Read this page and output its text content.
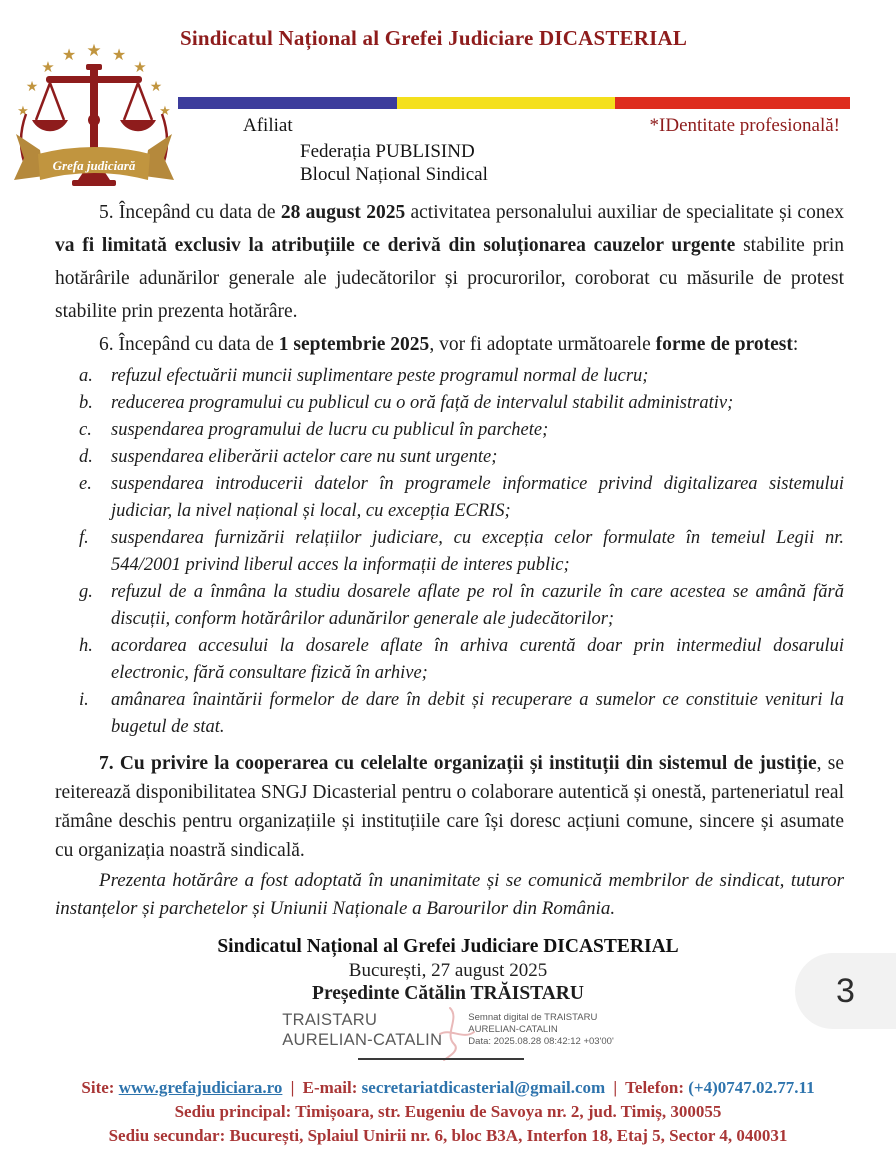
★
★
★
★ ★ ★
★
★
★
Grefa judiciară
Sindicatul Național al Grefei Judiciare DICASTERIAL
Afiliat	*IDentitate profesională!
Federația PUBLISIND
Blocul Național Sindical

5. Începând cu data de 28 august 2025 activitatea personalului auxiliar de specialitate și conex va fi limitată exclusiv la atribuțiile ce derivă din soluționarea cauzelor urgente stabilite prin hotărârile adunărilor generale ale judecătorilor și procurorilor, coroborat cu măsurile de protest stabilite prin prezenta hotărâre.

6. Începând cu data de 1 septembrie 2025, vor fi adoptate următoarele forme de protest:

a. refuzul efectuării muncii suplimentare peste programul normal de lucru;
b. reducerea programului cu publicul cu o oră față de intervalul stabilit administrativ;
c. suspendarea programului de lucru cu publicul în parchete;
d. suspendarea eliberării actelor care nu sunt urgente;
e. suspendarea introducerii datelor în programele informatice privind digitalizarea sistemului judiciar, la nivel național și local, cu excepția ECRIS;
f. suspendarea furnizării relațiilor judiciare, cu excepția celor formulate în temeiul Legii nr. 544/2001 privind liberul acces la informații de interes public;
g. refuzul de a înmâna la studiu dosarele aflate pe rol în cazurile în care acestea se amână fără discuții, conform hotărârilor adunărilor generale ale judecătorilor;
h. acordarea accesului la dosarele aflate în arhiva curentă doar prin intermediul dosarului electronic, fără consultare fizică în arhive;
i. amânarea înaintării formelor de dare în debit și recuperare a sumelor ce constituie venituri la bugetul de stat.

7. Cu privire la cooperarea cu celelalte organizații și instituții din sistemul de justiție, se reiterează disponibilitatea SNGJ Dicasterial pentru o colaborare autentică și onestă, parteneriatul real rămâne deschis pentru organizațiile și instituțiile care își doresc acțiuni comune, sincere și asumate cu organizația noastră sindicală.

Prezenta hotărâre a fost adoptată în unanimitate și se comunică membrilor de sindicat, tuturor instanțelor și parchetelor și Uniunii Naționale a Barourilor din România.

Sindicatul Național al Grefei Judiciare DICASTERIAL
București, 27 august 2025
Președinte Cătălin TRĂISTARU
TRAISTARU
AURELIAN-CATALIN
Semnat digital de TRAISTARU
AURELIAN-CATALIN
Data: 2025.08.28 08:42:12 +03'00'
3
Site: www.grefajudiciara.ro | E-mail: secretariatdicasterial@gmail.com | Telefon: (+4)0747.02.77.11
Sediu principal: Timișoara, str. Eugeniu de Savoya nr. 2, jud. Timiș, 300055
Sediu secundar: București, Splaiul Unirii nr. 6, bloc B3A, Interfon 18, Etaj 5, Sector 4, 040031
